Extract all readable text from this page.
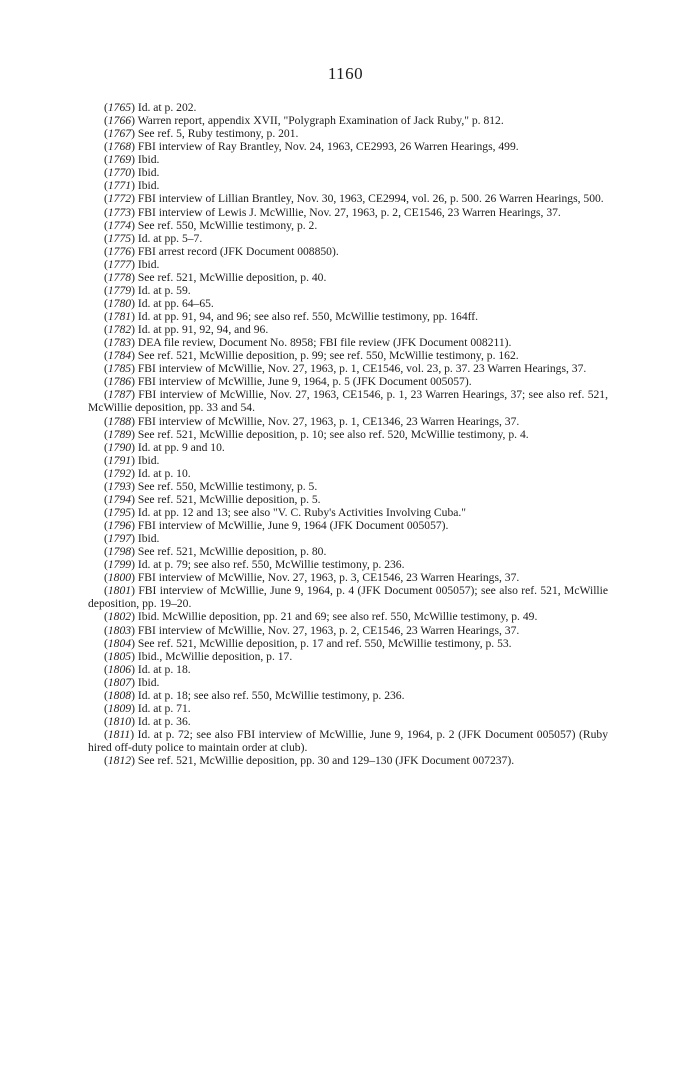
1160

(1765) Id. at p. 202.

(1766) Warren report, appendix XVII, "Polygraph Examination of Jack Ruby," p. 812.

(1767) See ref. 5, Ruby testimony, p. 201.

(1768) FBI interview of Ray Brantley, Nov. 24, 1963, CE2993, 26 Warren Hearings, 499.

(1769) Ibid.

(1770) Ibid.

(1771) Ibid.

(1772) FBI interview of Lillian Brantley, Nov. 30, 1963, CE2994, vol. 26, p. 500. 26 Warren Hearings, 500.

(1773) FBI interview of Lewis J. McWillie, Nov. 27, 1963, p. 2, CE1546, 23 Warren Hearings, 37.

(1774) See ref. 550, McWillie testimony, p. 2.

(1775) Id. at pp. 5–7.

(1776) FBI arrest record (JFK Document 008850).

(1777) Ibid.

(1778) See ref. 521, McWillie deposition, p. 40.

(1779) Id. at p. 59.

(1780) Id. at pp. 64–65.

(1781) Id. at pp. 91, 94, and 96; see also ref. 550, McWillie testimony, pp. 164ff.

(1782) Id. at pp. 91, 92, 94, and 96.

(1783) DEA file review, Document No. 8958; FBI file review (JFK Document 008211).

(1784) See ref. 521, McWillie deposition, p. 99; see ref. 550, McWillie testimony, p. 162.

(1785) FBI interview of McWillie, Nov. 27, 1963, p. 1, CE1546, vol. 23, p. 37. 23 Warren Hearings, 37.

(1786) FBI interview of McWillie, June 9, 1964, p. 5 (JFK Document 005057).

(1787) FBI interview of McWillie, Nov. 27, 1963, CE1546, p. 1, 23 Warren Hearings, 37; see also ref. 521, McWillie deposition, pp. 33 and 54.

(1788) FBI interview of McWillie, Nov. 27, 1963, p. 1, CE1346, 23 Warren Hearings, 37.

(1789) See ref. 521, McWillie deposition, p. 10; see also ref. 520, McWillie testimony, p. 4.

(1790) Id. at pp. 9 and 10.

(1791) Ibid.

(1792) Id. at p. 10.

(1793) See ref. 550, McWillie testimony, p. 5.

(1794) See ref. 521, McWillie deposition, p. 5.

(1795) Id. at pp. 12 and 13; see also "V. C. Ruby's Activities Involving Cuba."

(1796) FBI interview of McWillie, June 9, 1964 (JFK Document 005057).

(1797) Ibid.

(1798) See ref. 521, McWillie deposition, p. 80.

(1799) Id. at p. 79; see also ref. 550, McWillie testimony, p. 236.

(1800) FBI interview of McWillie, Nov. 27, 1963, p. 3, CE1546, 23 Warren Hearings, 37.

(1801) FBI interview of McWillie, June 9, 1964, p. 4 (JFK Document 005057); see also ref. 521, McWillie deposition, pp. 19–20.

(1802) Ibid. McWillie deposition, pp. 21 and 69; see also ref. 550, McWillie testimony, p. 49.

(1803) FBI interview of McWillie, Nov. 27, 1963, p. 2, CE1546, 23 Warren Hearings, 37.

(1804) See ref. 521, McWillie deposition, p. 17 and ref. 550, McWillie testimony, p. 53.

(1805) Ibid., McWillie deposition, p. 17.

(1806) Id. at p. 18.

(1807) Ibid.

(1808) Id. at p. 18; see also ref. 550, McWillie testimony, p. 236.

(1809) Id. at p. 71.

(1810) Id. at p. 36.

(1811) Id. at p. 72; see also FBI interview of McWillie, June 9, 1964, p. 2 (JFK Document 005057) (Ruby hired off-duty police to maintain order at club).

(1812) See ref. 521, McWillie deposition, pp. 30 and 129–130 (JFK Document 007237).
